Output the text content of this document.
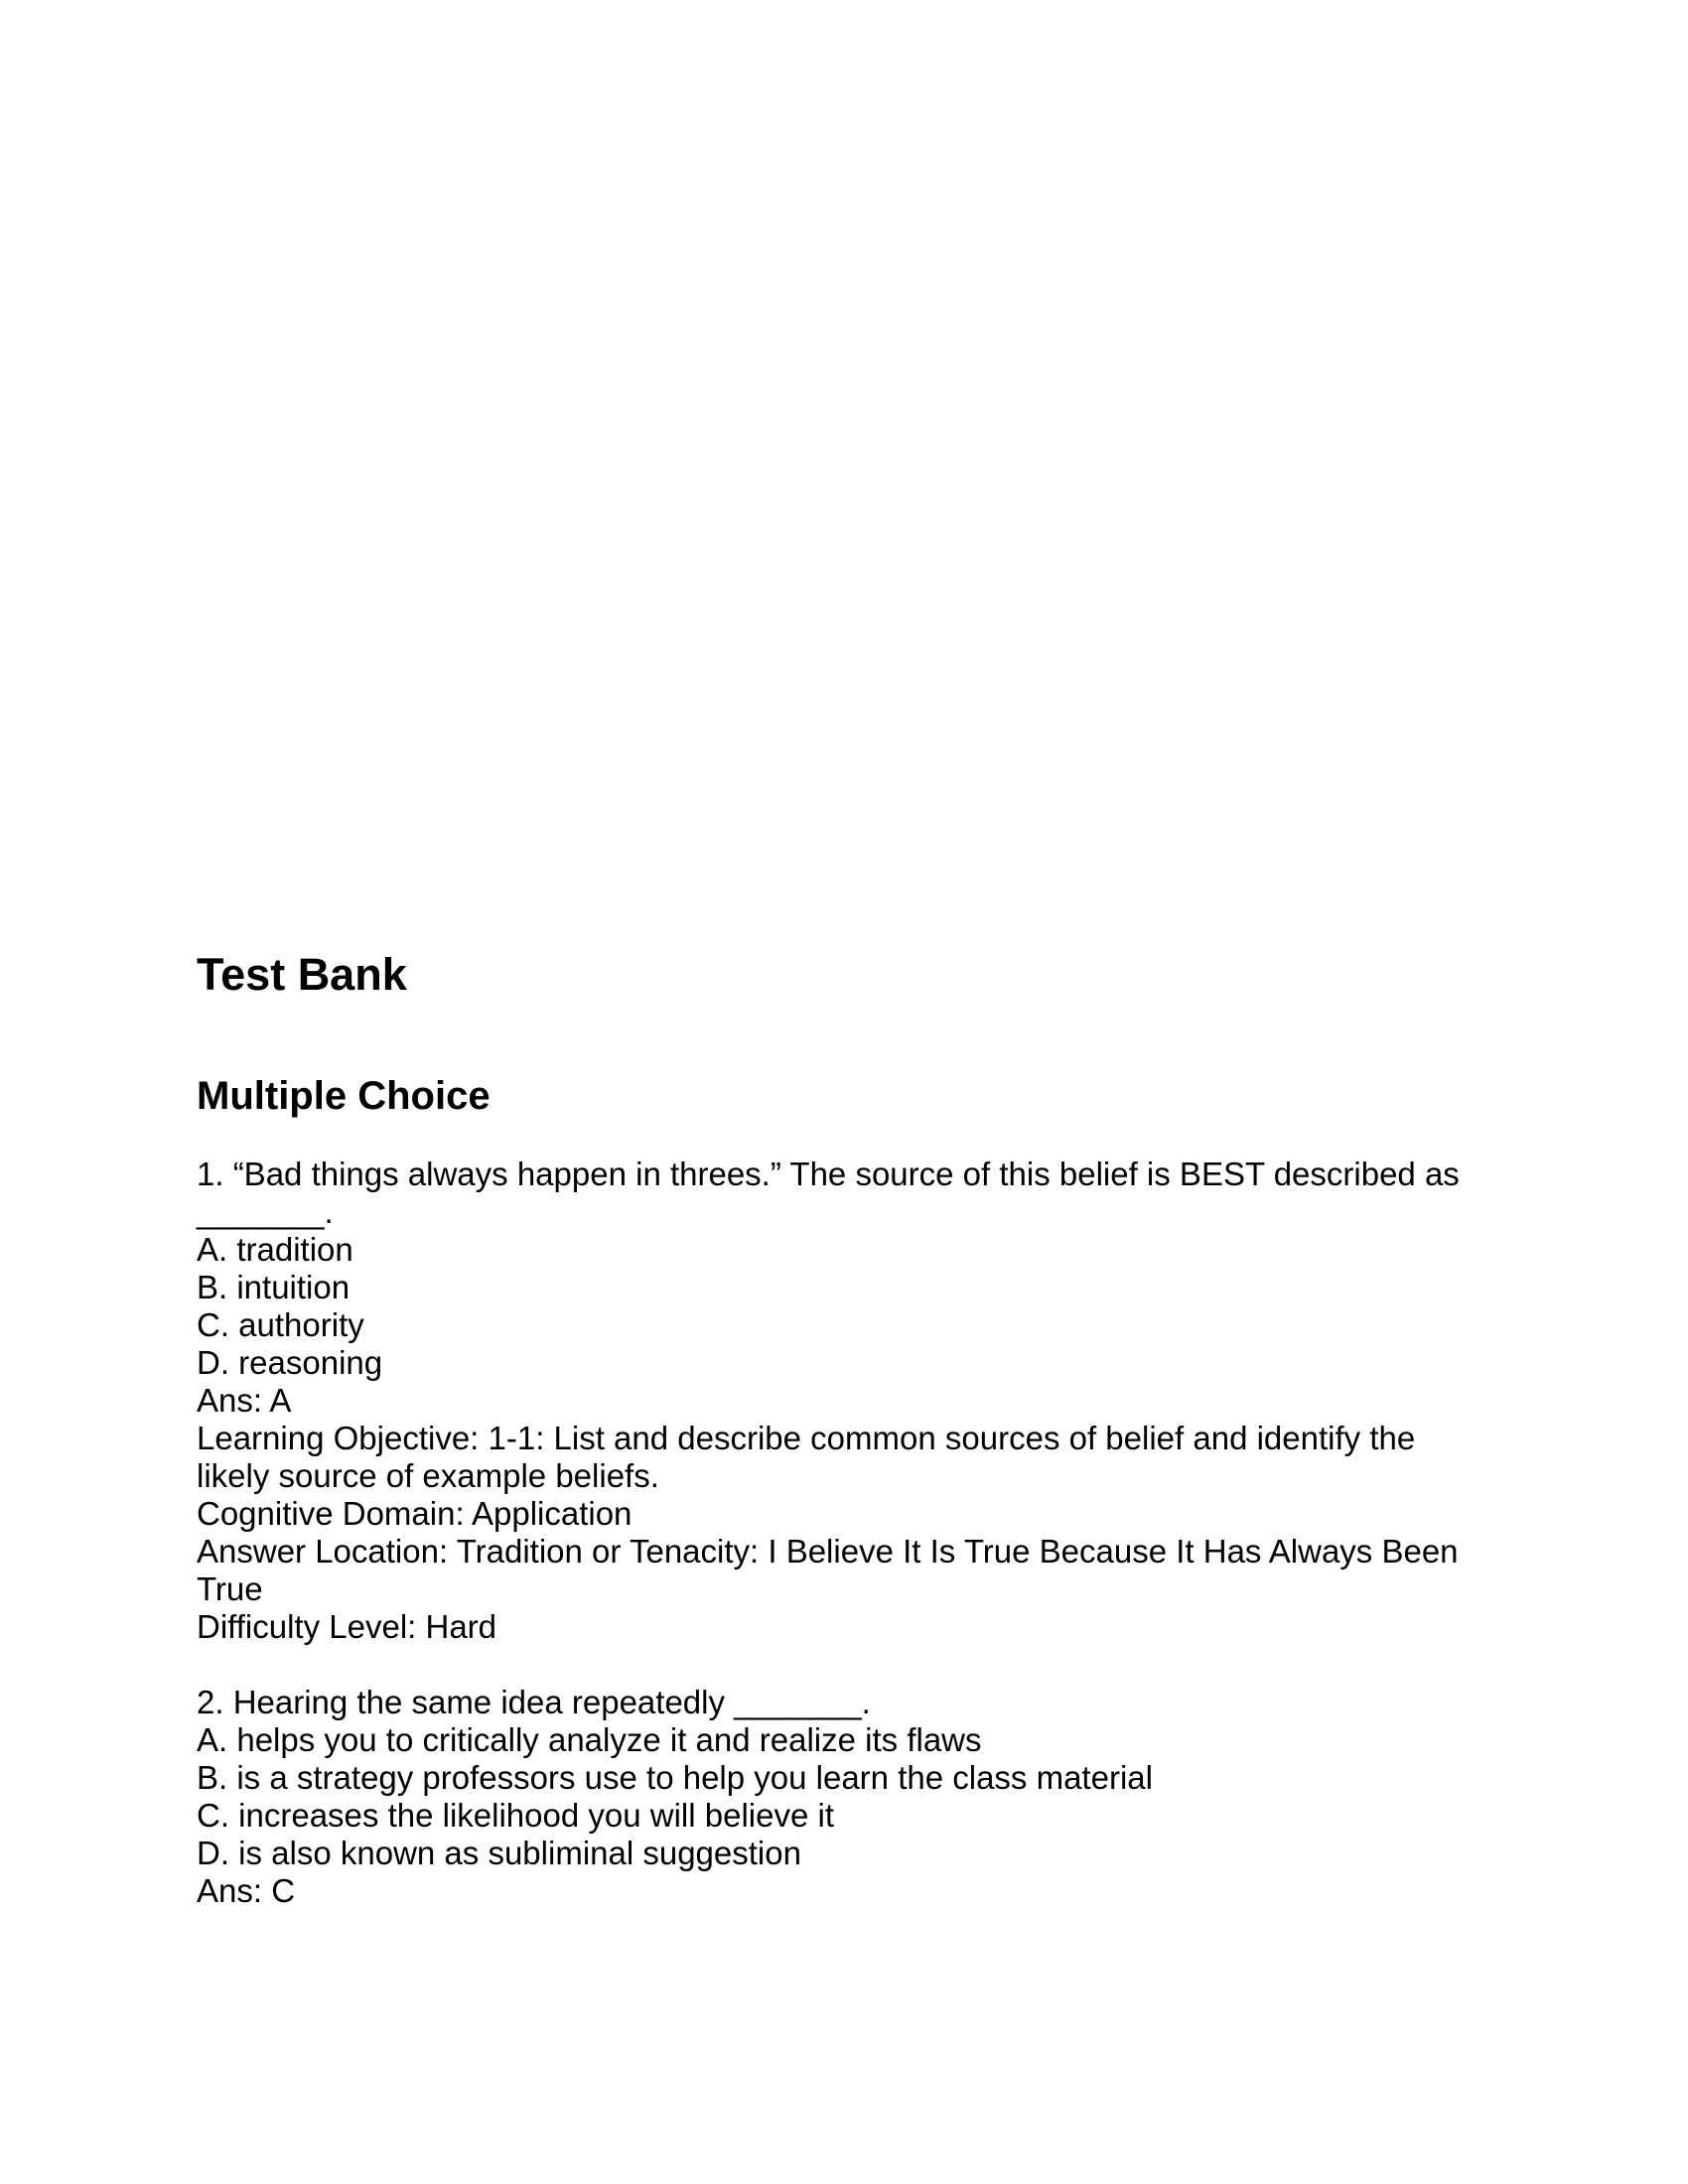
Test Bank
Multiple Choice
1. “Bad things always happen in threes.” The source of this belief is BEST described as
_______.
A. tradition
B. intuition
C. authority
D. reasoning
Ans: A
Learning Objective: 1-1: List and describe common sources of belief and identify the
likely source of example beliefs.
Cognitive Domain: Application
Answer Location: Tradition or Tenacity: I Believe It Is True Because It Has Always Been
True
Difficulty Level: Hard
2. Hearing the same idea repeatedly _______.
A. helps you to critically analyze it and realize its flaws
B. is a strategy professors use to help you learn the class material
C. increases the likelihood you will believe it
D. is also known as subliminal suggestion
Ans: C
